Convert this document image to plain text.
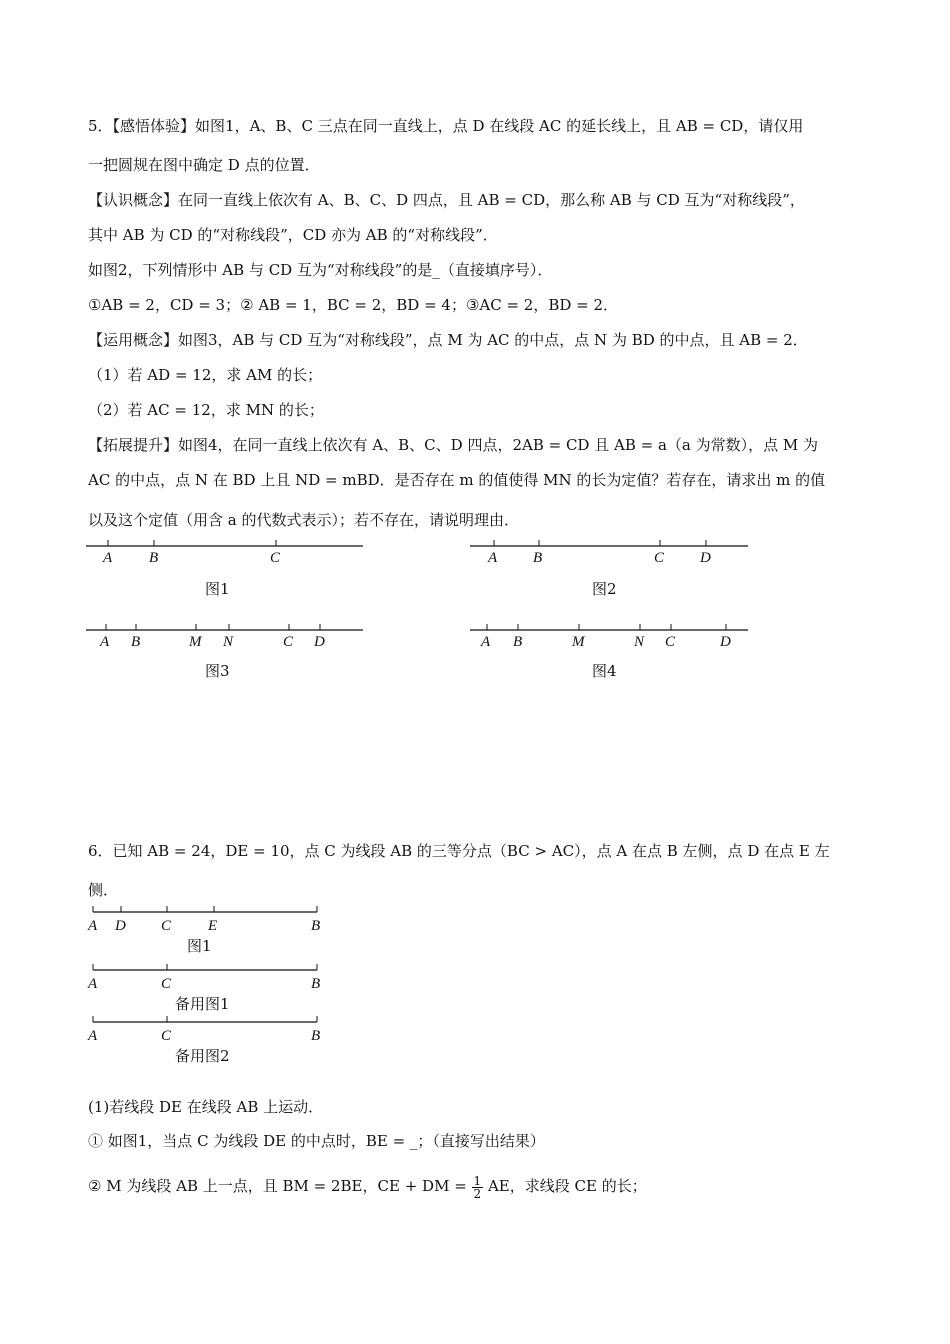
5．【感悟体验】如图1，A、B、C 三点在同一直线上，点 D 在线段 AC 的延长线上，且 AB = CD，请仅用
一把圆规在图中确定 D 点的位置．
【认识概念】在同一直线上依次有 A、B、C、D 四点，且 AB = CD，那么称 AB 与 CD 互为“对称线段”，
其中 AB 为 CD 的“对称线段”，CD 亦为 AB 的“对称线段”．
如图2，下列情形中 AB 与 CD 互为“对称线段”的是_（直接填序号）．
①AB = 2，CD = 3；② AB = 1，BC = 2，BD = 4；③AC = 2，BD = 2．
【运用概念】如图3，AB 与 CD 互为“对称线段”，点 M 为 AC 的中点，点 N 为 BD 的中点，且 AB = 2．
（1）若 AD = 12，求 AM 的长；
（2）若 AC = 12，求 MN 的长；
【拓展提升】如图4，在同一直线上依次有 A、B、C、D 四点，2AB = CD 且 AB = a（a 为常数），点 M 为
AC 的中点，点 N 在 BD 上且 ND = mBD．是否存在 m 的值使得 MN 的长为定值？若存在，请求出 m 的值
以及这个定值（用含 a 的代数式表示）；若不存在，请说明理由．
A B	C
图1
A B	C D
图2
A B	M N	C D
图3
A B	M	N C	D
图4
6．已知 AB = 24，DE = 10，点 C 为线段 AB 的三等分点（BC > AC），点 A 在点 B 左侧，点 D 在点 E 左
侧．
A D C E	B
图1
A	C	B
备用图1
A	C	B
备用图2
(1)若线段 DE 在线段 AB 上运动．
① 如图1，当点 C 为线段 DE 的中点时，BE = _；（直接写出结果）
② M 为线段 AB 上一点，且 BM = 2BE，CE + DM = $\frac{1}{2}$ AE，求线段 CE 的长；
